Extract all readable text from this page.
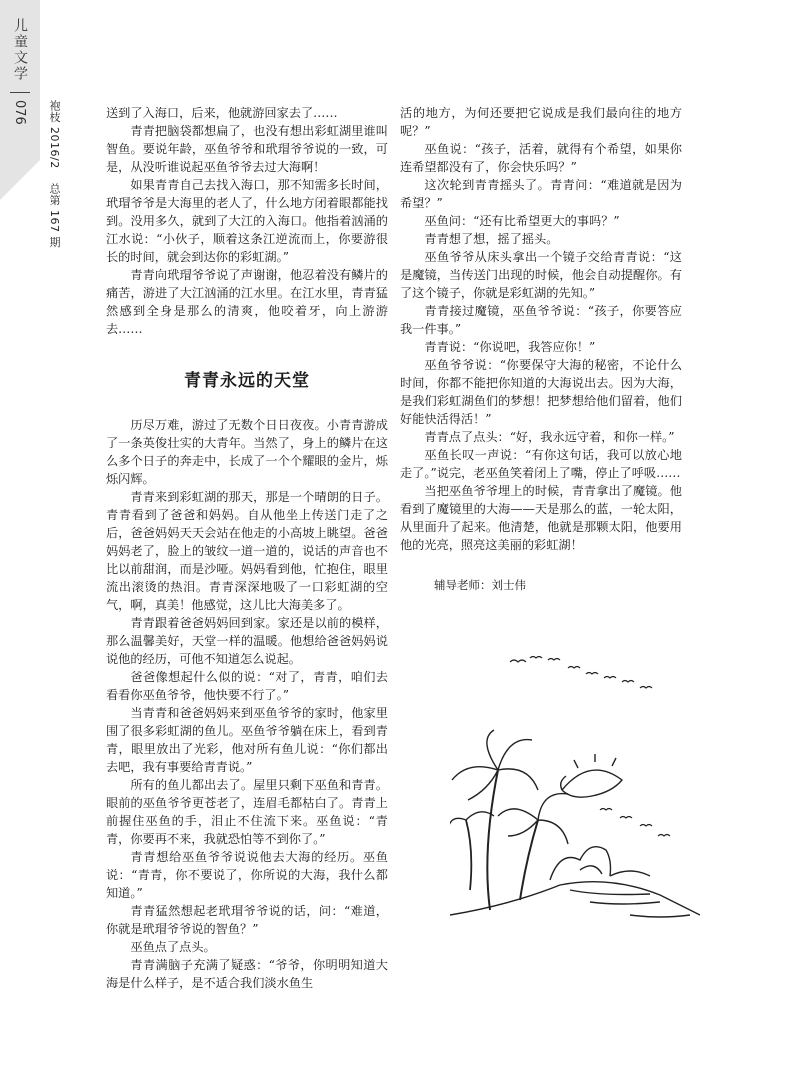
儿童文学
076 袍枝 2016/2  总第 167 期

送到了入海口，后来，他就游回家去了……

青青把脑袋都想扁了，也没有想出彩虹湖里谁叫智鱼。要说年龄，巫鱼爷爷和玳瑁爷爷说的一致，可是，从没听谁说起巫鱼爷爷去过大海啊！

如果青青自己去找入海口，那不知需多长时间，玳瑁爷爷是大海里的老人了，什么地方闭着眼都能找到。没用多久，就到了大江的入海口。他指着汹涌的江水说：“小伙子，顺着这条江逆流而上，你要游很长的时间，就会到达你的彩虹湖。”

青青向玳瑁爷爷说了声谢谢，他忍着没有鳞片的痛苦，游进了大江汹涌的江水里。在江水里，青青猛然感到全身是那么的清爽，他咬着牙，向上游游去……

青青永远的天堂

历尽万难，游过了无数个日日夜夜。小青青游成了一条英俊壮实的大青年。当然了，身上的鳞片在这么多个日子的奔走中，长成了一个个耀眼的金片，烁烁闪辉。

青青来到彩虹湖的那天，那是一个晴朗的日子。青青看到了爸爸和妈妈。自从他坐上传送门走了之后，爸爸妈妈天天会站在他走的小高坡上眺望。爸爸妈妈老了，脸上的皱纹一道一道的，说话的声音也不比以前甜润，而是沙哑。妈妈看到他，忙抱住，眼里流出滚烫的热泪。青青深深地吸了一口彩虹湖的空气，啊，真美！他感觉，这儿比大海美多了。

青青跟着爸爸妈妈回到家。家还是以前的模样，那么温馨美好，天堂一样的温暖。他想给爸爸妈妈说说他的经历，可他不知道怎么说起。

爸爸像想起什么似的说：“对了，青青，咱们去看看你巫鱼爷爷，他快要不行了。”

当青青和爸爸妈妈来到巫鱼爷爷的家时，他家里围了很多彩虹湖的鱼儿。巫鱼爷爷躺在床上，看到青青，眼里放出了光彩，他对所有鱼儿说：“你们都出去吧，我有事要给青青说。”

所有的鱼儿都出去了。屋里只剩下巫鱼和青青。眼前的巫鱼爷爷更苍老了，连眉毛都枯白了。青青上前握住巫鱼的手，泪止不住流下来。巫鱼说：“青青，你要再不来，我就恐怕等不到你了。”

青青想给巫鱼爷爷说说他去大海的经历。巫鱼说：“青青，你不要说了，你所说的大海，我什么都知道。”

青青猛然想起老玳瑁爷爷说的话，问：“难道，你就是玳瑁爷爷说的智鱼？”

巫鱼点了点头。

青青满脑子充满了疑惑：“爷爷，你明明知道大海是什么样子，是不适合我们淡水鱼生

活的地方，为何还要把它说成是我们最向往的地方呢？”

巫鱼说：“孩子，活着，就得有个希望，如果你连希望都没有了，你会快乐吗？”

这次轮到青青摇头了。青青问：“难道就是因为希望？”

巫鱼问：“还有比希望更大的事吗？”

青青想了想，摇了摇头。

巫鱼爷爷从床头拿出一个镜子交给青青说：“这是魔镜，当传送门出现的时候，他会自动提醒你。有了这个镜子，你就是彩虹湖的先知。”

青青接过魔镜，巫鱼爷爷说：“孩子，你要答应我一件事。”

青青说：“你说吧，我答应你！”

巫鱼爷爷说：“你要保守大海的秘密，不论什么时间，你都不能把你知道的大海说出去。因为大海，是我们彩虹湖鱼们的梦想！把梦想给他们留着，他们好能快活得活！”

青青点了点头：“好，我永远守着，和你一样。”

巫鱼长叹一声说：“有你这句话，我可以放心地走了。”说完，老巫鱼笑着闭上了嘴，停止了呼吸……

当把巫鱼爷爷埋上的时候，青青拿出了魔镜。他看到了魔镜里的大海——天是那么的蓝，一轮太阳，从里面升了起来。他清楚，他就是那颗太阳，他要用他的光亮，照亮这美丽的彩虹湖！

辅导老师：刘士伟
